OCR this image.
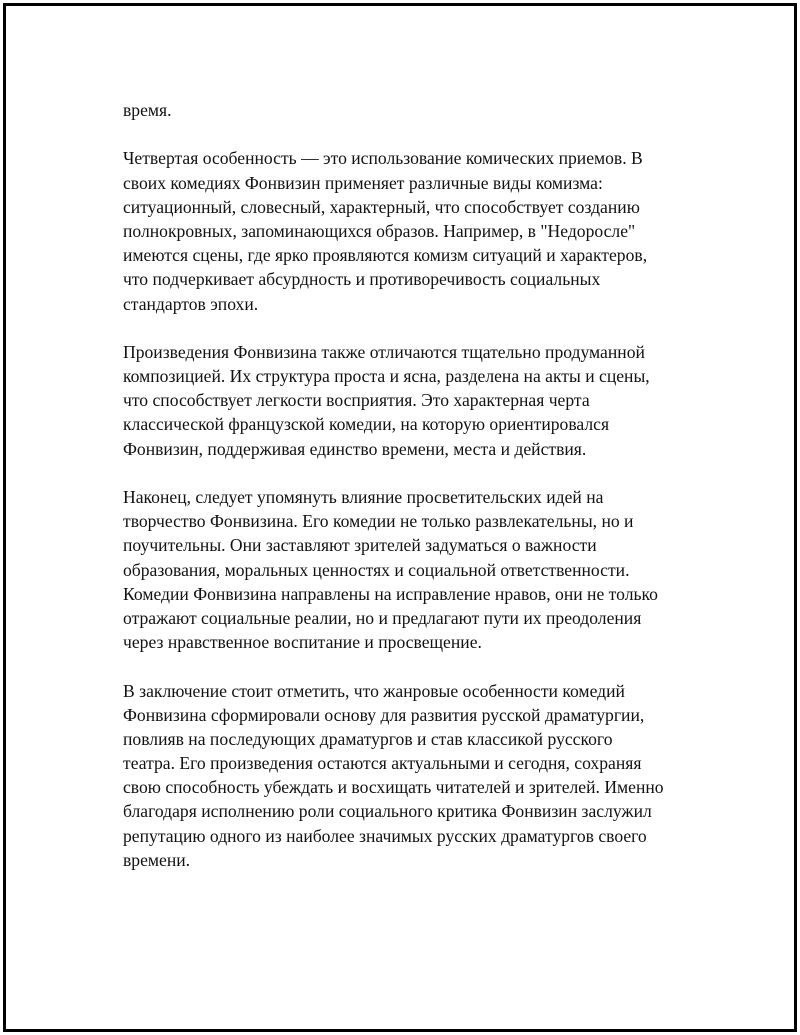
время.
Четвертая особенность — это использование комических приемов. В
своих комедиях Фонвизин применяет различные виды комизма:
ситуационный, словесный, характерный, что способствует созданию
полнокровных, запоминающихся образов. Например, в "Недоросле"
имеются сцены, где ярко проявляются комизм ситуаций и характеров,
что подчеркивает абсурдность и противоречивость социальных
стандартов эпохи.
Произведения Фонвизина также отличаются тщательно продуманной
композицией. Их структура проста и ясна, разделена на акты и сцены,
что способствует легкости восприятия. Это характерная черта
классической французской комедии, на которую ориентировался
Фонвизин, поддерживая единство времени, места и действия.
Наконец, следует упомянуть влияние просветительских идей на
творчество Фонвизина. Его комедии не только развлекательны, но и
поучительны. Они заставляют зрителей задуматься о важности
образования, моральных ценностях и социальной ответственности.
Комедии Фонвизина направлены на исправление нравов, они не только
отражают социальные реалии, но и предлагают пути их преодоления
через нравственное воспитание и просвещение.
В заключение стоит отметить, что жанровые особенности комедий
Фонвизина сформировали основу для развития русской драматургии,
повлияв на последующих драматургов и став классикой русского
театра. Его произведения остаются актуальными и сегодня, сохраняя
свою способность убеждать и восхищать читателей и зрителей. Именно
благодаря исполнению роли социального критика Фонвизин заслужил
репутацию одного из наиболее значимых русских драматургов своего
времени.
